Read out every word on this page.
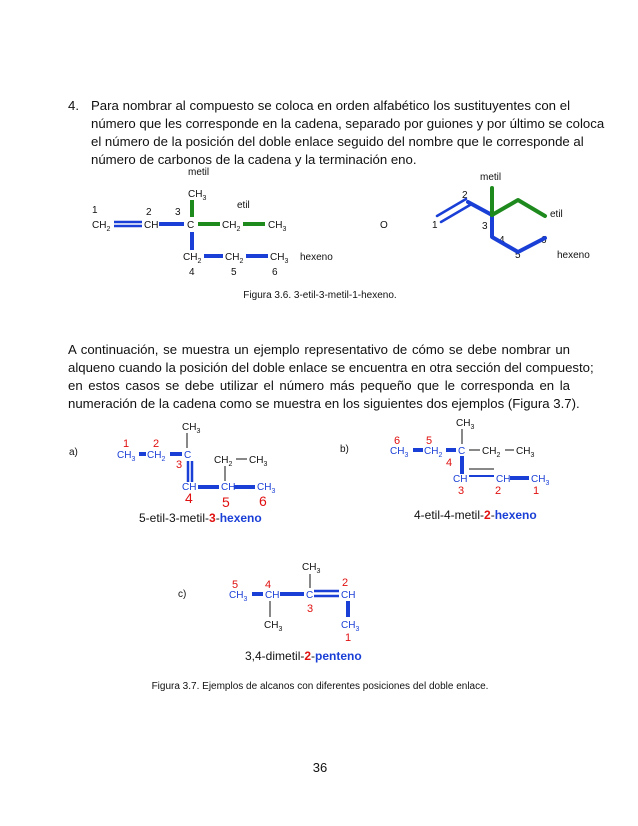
4. Para nombrar al compuesto se coloca en orden alfabético los sustituyentes con el
número que les corresponde en la cadena, separado por guiones y por último se coloca
el número de la posición del doble enlace seguido del nombre que le corresponde al
número de carbonos de la cadena y la terminación eno.
metil
$CH_3$
etil
1	2 3
$CH_2$	CH	C	$CH_2$	$CH_3$
$CH_2$ $CH_2$	$CH_3$ hexeno
4	5	6
O
metil
etil
hexeno
1
2
3
4
5
6
Figura 3.6. 3-etil-3-metil-1-hexeno.
A continuación, se muestra un ejemplo representativo de cómo se debe nombrar un
alqueno cuando la posición del doble enlace se encuentra en otra sección del compuesto;
en estos casos se debe utilizar el número más pequeño que le corresponda en la
numeración de la cadena como se muestra en los siguientes dos ejemplos (Figura 3.7).
a)
$CH_3$
$CH_3$ $CH_2$ C $CH_2$ $CH_3$
CH CH $CH_3$
1 2
3
4 5 6
5-etil-3-metil-3-hexeno
b)
$CH_3$
$CH_3$ $CH_2$ C $CH_2$ $CH_3$
CH	CH $CH_3$
6 5
4
3	2	1
4-etil-4-metil-2-hexeno
c)
$CH_3$
$CH_3$ CH	C	CH
$CH_3$	$CH_3$
5 4
3
2
1
3,4-dimetil-2-penteno
Figura 3.7. Ejemplos de alcanos con diferentes posiciones del doble enlace.
36
